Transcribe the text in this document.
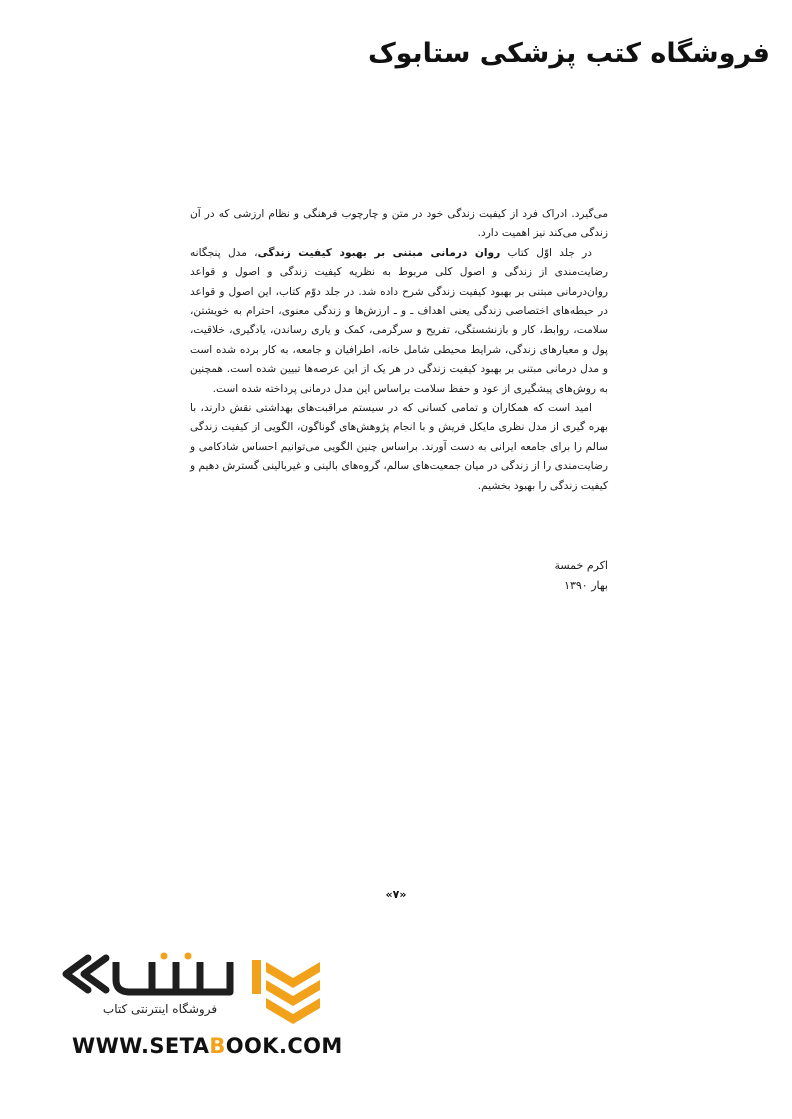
فروشگاه کتب پزشکی ستابوک

می‌گیرد. ادراک فرد از کیفیت زندگی خود در متن و چارچوب فرهنگی و نظام ارزشی که در آن زندگی می‌کند نیز اهمیت دارد.

در جلد اوّل کتاب روان درمانی مبتنی بر بهبود کیفیت زندگی، مدل پنجگانه رضایت‌مندی از زندگی و اصول کلی مربوط به نظریه کیفیت زندگی و اصول و قواعد روان‌درمانی مبتنی بر بهبود کیفیت زندگی شرح داده شد. در جلد دوّم کتاب، این اصول و قواعد در حیطه‌های اختصاصی زندگی یعنی اهداف ـ و ـ ارزش‌ها و زندگی معنوی، احترام به خویشتن، سلامت، روابط، کار و بازنشستگی، تفریح و سرگرمی، کمک و یاری رساندن، یادگیری، خلاقیت، پول و معیارهای زندگی، شرایط محیطی شامل خانه، اطرافیان و جامعه، به کار برده شده است و مدل درمانی مبتنی بر بهبود کیفیت زندگی در هر یک از این عرصه‌ها تبیین شده است. همچنین به روش‌های پیشگیری از عود و حفظ سلامت براساس این مدل درمانی پرداخته شده است.

امید است که همکاران و تمامی کسانی که در سیستم مراقبت‌های بهداشتی نقش دارند، با بهره گیری از مدل نظری مایکل فریش و با انجام پژوهش‌های گوناگون، الگویی از کیفیت زندگی سالم را برای جامعه ایرانی به دست آورند. براساس چنین الگویی می‌توانیم احساس شادکامی و رضایت‌مندی را از زندگی در میان جمعیت‌های سالم، گروه‌های بالینی و غیربالینی گسترش دهیم و کیفیت زندگی را بهبود بخشیم.

اکرم خمسة
بهار ۱۳۹۰
«۷»
فروشگاه اینترنتی کتاب
WWW.SETABOOK.COM
